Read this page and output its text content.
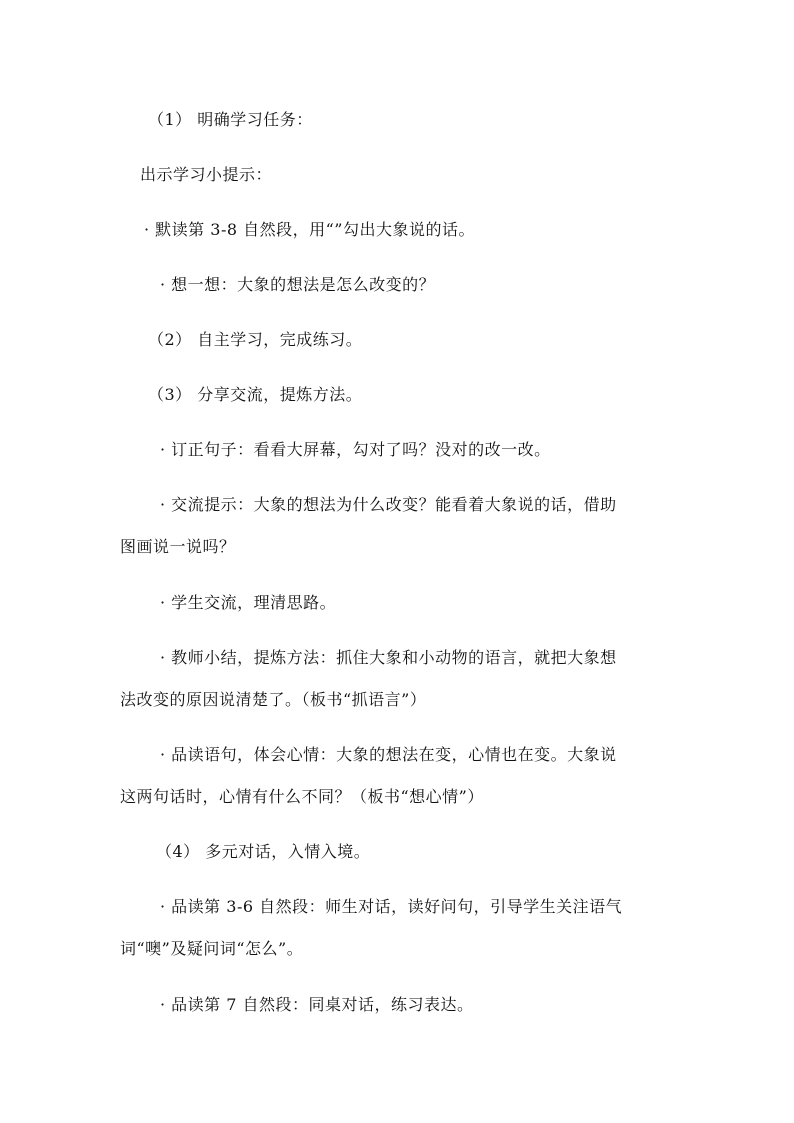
（1） 明确学习任务：
出示学习小提示：
· 默读第 3-8 自然段，用“”勾出大象说的话。
· 想一想：大象的想法是怎么改变的？
（2） 自主学习，完成练习。
（3） 分享交流，提炼方法。
· 订正句子：看看大屏幕，勾对了吗？没对的改一改。
· 交流提示：大象的想法为什么改变？能看着大象说的话，借助
图画说一说吗？
· 学生交流，理清思路。
· 教师小结，提炼方法：抓住大象和小动物的语言，就把大象想
法改变的原因说清楚了。（板书“抓语言”）
· 品读语句，体会心情：大象的想法在变，心情也在变。大象说
这两句话时，心情有什么不同？（板书“想心情”）
（4） 多元对话，入情入境。
· 品读第 3-6 自然段：师生对话，读好问句，引导学生关注语气
词“噢”及疑问词“怎么”。
· 品读第 7 自然段：同桌对话，练习表达。
